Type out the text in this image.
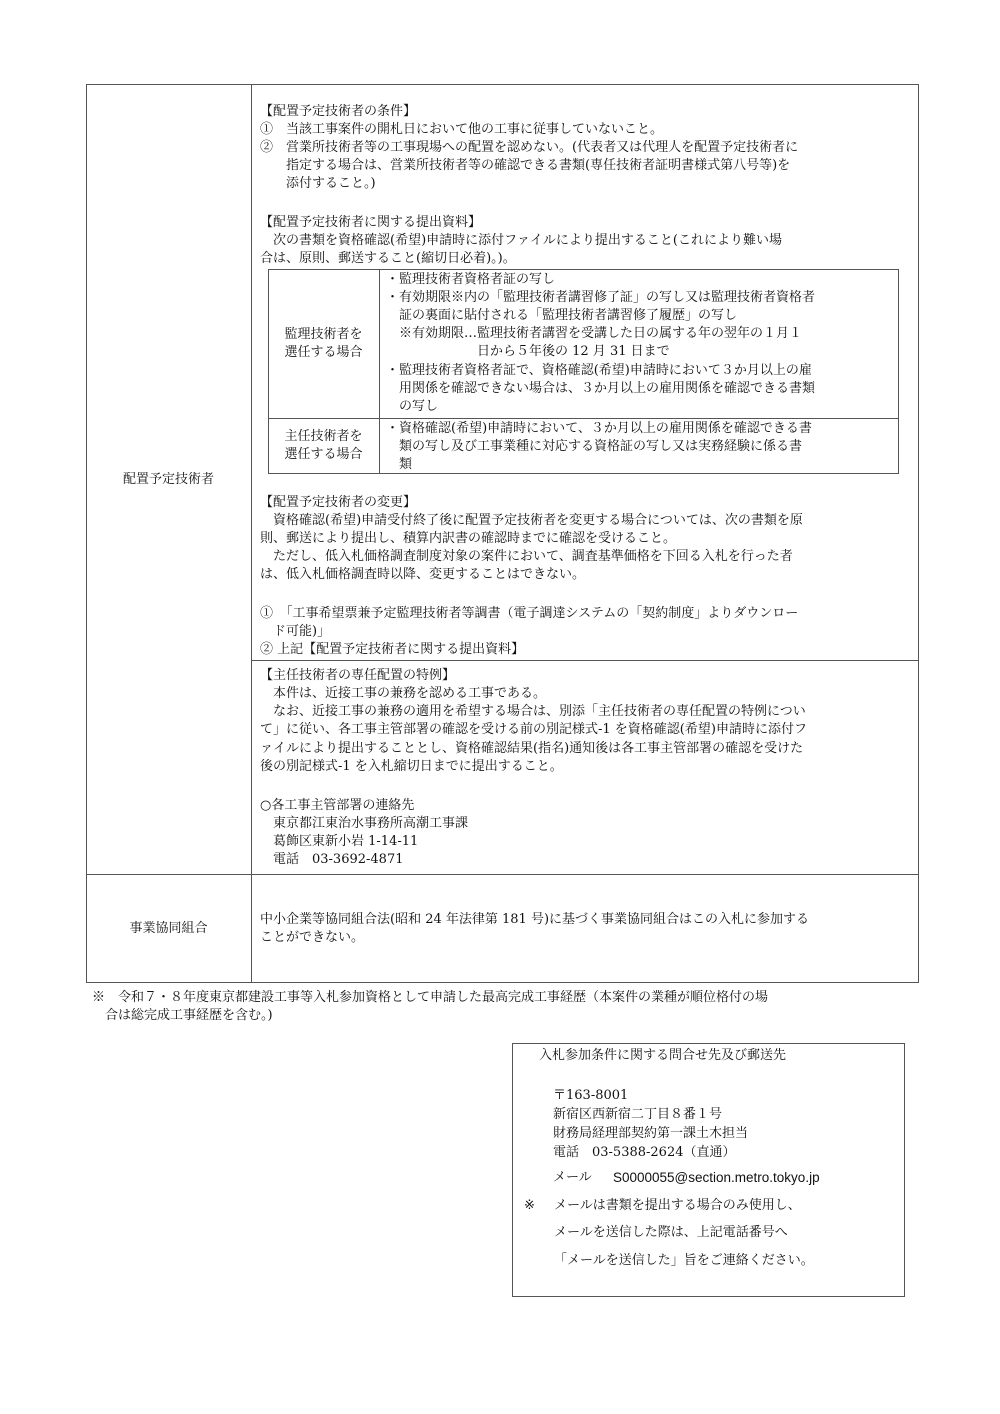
配置予定技術者
【配置予定技術者の条件】
①　当該工事案件の開札日において他の工事に従事していないこと。
②　営業所技術者等の工事現場への配置を認めない。(代表者又は代理人を配置予定技術者に
　　指定する場合は、営業所技術者等の確認できる書類(専任技術者証明書様式第八号等)を
　　添付すること。)
【配置予定技術者に関する提出資料】
　次の書類を資格確認(希望)申請時に添付ファイルにより提出すること(これにより難い場
合は、原則、郵送すること(縮切日必着)。)。
監理技術者を
選任する場合
・監理技術者資格者証の写し
・有効期限※内の「監理技術者講習修了証」の写し又は監理技術者資格者
　証の裏面に貼付される「監理技術者講習修了履歴」の写し
　※有効期限…監理技術者講習を受講した日の属する年の翌年の１月１
　　　　　　　日から５年後の 12 月 31 日まで
・監理技術者資格者証で、資格確認(希望)申請時において３か月以上の雇
　用関係を確認できない場合は、３か月以上の雇用関係を確認できる書類
　の写し
主任技術者を
選任する場合
・資格確認(希望)申請時において、３か月以上の雇用関係を確認できる書
　類の写し及び工事業種に対応する資格証の写し又は実務経験に係る書
　類
【配置予定技術者の変更】
　資格確認(希望)申請受付終了後に配置予定技術者を変更する場合については、次の書類を原
則、郵送により提出し、積算内訳書の確認時までに確認を受けること。
　ただし、低入札価格調査制度対象の案件において、調査基準価格を下回る入札を行った者
は、低入札価格調査時以降、変更することはできない。
①　「工事希望票兼予定監理技術者等調書（電子調達システムの「契約制度」よりダウンロー
　ド可能)」
② 上記【配置予定技術者に関する提出資料】
【主任技術者の専任配置の特例】
　本件は、近接工事の兼務を認める工事である。
　なお、近接工事の兼務の適用を希望する場合は、別添「主任技術者の専任配置の特例につい
て」に従い、各工事主管部署の確認を受ける前の別記様式-1 を資格確認(希望)申請時に添付フ
ァイルにより提出することとし、資格確認結果(指名)通知後は各工事主管部署の確認を受けた
後の別記様式-1 を入札縮切日までに提出すること。
○各工事主管部署の連絡先
　東京都江東治水事務所高潮工事課
　葛飾区東新小岩 1-14-11
　電話　03-3692-4871
事業協同組合
中小企業等協同組合法(昭和 24 年法律第 181 号)に基づく事業協同組合はこの入札に参加する
ことができない。
※　令和７・８年度東京都建設工事等入札参加資格として申請した最高完成工事経歴（本案件の業種が順位格付の場
　合は総完成工事経歴を含む。)
入札参加条件に関する問合せ先及び郵送先
〒163-8001
新宿区西新宿二丁目８番１号
財務局経理部契約第一課土木担当
電話　03-5388-2624（直通）
メール S0000055@section.metro.tokyo.jp
※ メールは書類を提出する場合のみ使用し、
メールを送信した際は、上記電話番号へ
「メールを送信した」旨をご連絡ください。
